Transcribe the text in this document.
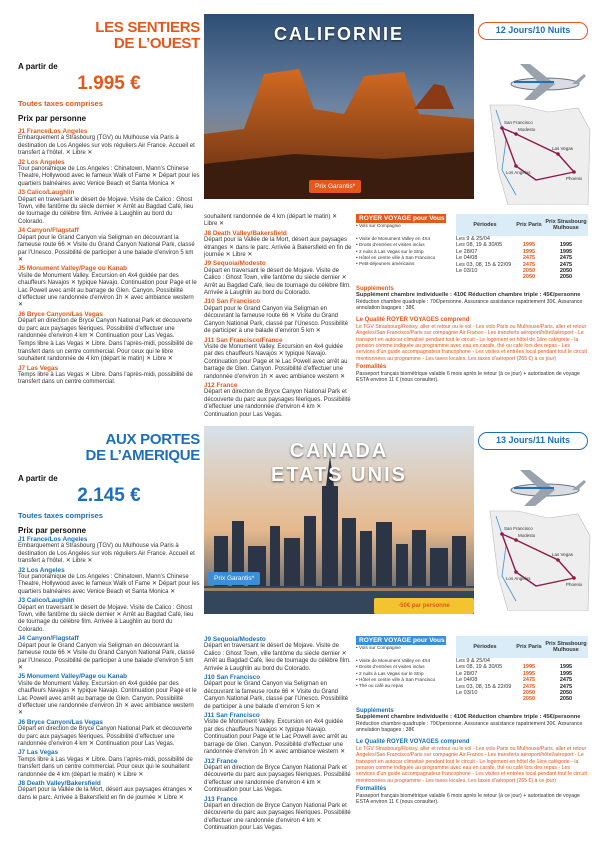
LES SENTIERS
DE L’OUEST
A partir de
1.995 €
Toutes taxes comprises
Prix par personne
J1 France/Los Angeles

Embarquement à Strasbourg (TGV) ou Mulhouse via Paris à destination de Los Angeles sur vols réguliers Air France. Accueil et transfert à l’hôtel. ✕ Libre ✕

J2 Los Angeles

Tour panoramique de Los Angeles : Chinatown, Mann’s Chinese Theatre, Hollywood avec le fameux Walk of Fame ✕ Départ pour les quartiers balnéaires avec Venice Beach et Santa Monica ✕

J3 Calico/Laughlin

Départ en traversant le désert de Mojave. Visite de Calico : Ghost Town, ville fantôme du siècle dernier ✕ Arrêt au Bagdad Café, lieu de tournage du célèbre film. Arrivée à Laughlin au bord du Colorado.

J4 Canyon/Flagstaff

Départ pour le Grand Canyon via Seligman en découvrant la fameuse route 66 ✕ Visite du Grand Canyon National Park, classé par l’Unesco. Possibilité de participer à une balade d’environ 5 km ✕

J5 Monument Valley/Page ou Kanab

Visite de Monument Valley. Excursion en 4x4 guidée par des chauffeurs Navajos ✕ typique Navajo. Continuation pour Page et le Lac Powell avec arrêt au barrage de Glen. Canyon. Possibilité d’effectuer une randonnée d’environ 1h ✕ avec ambiance western ✕

J6 Bryce Canyon/Las Vegas

Départ en direction de Bryce Canyon National Park et découverte du parc aux paysages féeriques. Possibilité d’effectuer une randonnée d’environ 4 km ✕ Continuation pour Las Vegas.

Temps libre à Las Vegas ✕ Libre. Dans l’après-midi, possibilité de transfert dans un centre commercial. Pour ceux qui le libre souhaitent randonnée de 4 km (départ le matin) ✕ Libre ✕

J7 Las Vegas

Temps libre à Las Vegas ✕ Libre. Dans l’après-midi, possibilité de transfert dans un centre commercial.

CALIFORNIE
Prix Garantis*
12 Jours/10 Nuits
San Francisco
Modesto
Las Vegas
Los Angeles
Phoenix

souhaitent randonnée de 4 km (départ le matin) ✕ Libre ✕

J8 Death Valley/Bakersfield

Départ pour la Vallée de la Mort, désert aux paysages étranges ✕ dans le parc. Arrivée à Bakersfield en fin de journée ✕ Libre ✕

J9 Sequoia/Modesto

Départ en traversant le désert de Mojave. Visite de Calico : Ghost Town, ville fantôme du siècle dernier ✕ Arrêt au Bagdad Café, lieu de tournage du célèbre film. Arrivée à Laughlin au bord du Colorado.

J10 San Francisco

Départ pour le Grand Canyon via Seligman en découvrant la fameuse route 66 ✕ Visite du Grand Canyon National Park, classé par l’Unesco. Possibilité de participer à une balade d’environ 5 km ✕

J11 San Francisco/France

Visite de Monument Valley. Excursion en 4x4 guidée par des chauffeurs Navajos ✕ typique Navajo. Continuation pour Page et le Lac Powell avec arrêt au barrage de Glen. Canyon. Possibilité d’effectuer une randonnée d’environ 1h ✕ avec ambiance western ✕

J12 France

Départ en direction de Bryce Canyon National Park et découverte du parc aux paysages féeriques. Possibilité d’effectuer une randonnée d’environ 4 km ✕ Continuation pour Las Vegas.

ROYER VOYAGE pour Vous
• Vols sur Compagnie
• Visite de Monument Valley en 4X4
• Droits d’entrées et visites inclus
• 2 nuits à Las Vegas sur le Strip
• Hôtel en centre ville à San Francisco
• Petit-déjeuners américains
Périodes	Prix Paris Prix Strasbourg Mulhouse
Les 9 & 25/04
Les 08, 19 & 30/05	1995	1995
Le 28/07	1995	1995
Le 04/08	2475	2475
Les 03, 08, 15 & 22/09	2475	2475
Le 03/10	2050	2050
2050	2050
Suppléments
Supplément chambre individuelle : 410€ Réduction chambre triple : 45€/personne
Réduction chambre quadruple : 70€/personne. Assurance assistance rapatriement 30€. Assurance annulation bagages : 38€
Le Qualité ROYER VOYAGES comprend
Le TGV Strasbourg/Roissy, aller et retour ou le vol - Les vols Paris ou Mulhouse/Paris, aller et retour Angeles/San Francisco/Paris sur compagnie Air France - Les transferts aéroport/hôtel/aéroport - Le transport en autocar climatisé pendant tout le circuit - Le logement en hôtel de 1ère catégorie - la pension comme indiquée au programme avec eau en carafe, thé ou café lors des repas - Les services d’un guide accompagnateur francophone - Les visites et entrées local pendant tout le circuit mentionnées au programme - Les taxes locales. Les taxes d’aéroport (265 €) à ce jour)
Formalités
Passeport français biométrique valable 6 mois après le retour (à ce jour) + autorisation de voyage ESTA environ 11 € (nous consulter).
AUX PORTES
DE L’AMERIQUE
A partir de
2.145 €
Toutes taxes comprises
Prix par personne
J1 France/Los Angeles

Embarquement à Strasbourg (TGV) ou Mulhouse via Paris à destination de Los Angeles sur vols réguliers Air France. Accueil et transfert à l’hôtel. ✕ Libre ✕

J2 Los Angeles

Tour panoramique de Los Angeles : Chinatown, Mann’s Chinese Theatre, Hollywood avec le fameux Walk of Fame ✕ Départ pour les quartiers balnéaires avec Venice Beach et Santa Monica ✕

J3 Calico/Laughlin

Départ en traversant le désert de Mojave. Visite de Calico : Ghost Town, ville fantôme du siècle dernier ✕ Arrêt au Bagdad Café, lieu de tournage du célèbre film. Arrivée à Laughlin au bord du Colorado.

J4 Canyon/Flagstaff

Départ pour le Grand Canyon via Seligman en découvrant la fameuse route 66 ✕ Visite du Grand Canyon National Park, classé par l’Unesco. Possibilité de participer à une balade d’environ 5 km ✕

J5 Monument Valley/Page ou Kanab

Visite de Monument Valley. Excursion en 4x4 guidée par des chauffeurs Navajos ✕ typique Navajo. Continuation pour Page et le Lac Powell avec arrêt au barrage de Glen. Canyon. Possibilité d’effectuer une randonnée d’environ 1h ✕ avec ambiance western ✕

J6 Bryce Canyon/Las Vegas

Départ en direction de Bryce Canyon National Park et découverte du parc aux paysages féeriques. Possibilité d’effectuer une randonnée d’environ 4 km ✕ Continuation pour Las Vegas.

J7 Las Vegas

Temps libre à Las Vegas ✕ Libre. Dans l’après-midi, possibilité de transfert dans un centre commercial. Pour ceux qui le souhaitent randonnée de 4 km (départ le matin) ✕ Libre ✕

J8 Death Valley/Bakersfield

Départ pour la Vallée de la Mort, désert aux paysages étranges ✕ dans le parc. Arrivée à Bakersfield en fin de journée ✕ Libre ✕

CANADA
ETATS UNIS
Prix Garantis*
-50€ par personne
13 Jours/11 Nuits
San Francisco
Modesto
Las Vegas
Los Angeles
Phoenix
J9 Sequoia/Modesto

Départ en traversant le désert de Mojave. Visite de Calico : Ghost Town, ville fantôme du siècle dernier ✕ Arrêt au Bagdad Café, lieu de tournage du célèbre film. Arrivée à Laughlin au bord du Colorado.

J10 San Francisco

Départ pour le Grand Canyon via Seligman en découvrant la fameuse route 66 ✕ Visite du Grand Canyon National Park, classé par l’Unesco. Possibilité de participer à une balade d’environ 5 km ✕

J11 San Francisco

Visite de Monument Valley. Excursion en 4x4 guidée par des chauffeurs Navajos ✕ typique Navajo. Continuation pour Page et le Lac Powell avec arrêt au barrage de Glen. Canyon. Possibilité d’effectuer une randonnée d’environ 1h ✕ avec ambiance western ✕

J12 France

Départ en direction de Bryce Canyon National Park et découverte du parc aux paysages féeriques. Possibilité d’effectuer une randonnée d’environ 4 km ✕ Continuation pour Las Vegas.

J13 France

Départ en direction de Bryce Canyon National Park et découverte du parc aux paysages féeriques. Possibilité d’effectuer une randonnée d’environ 4 km ✕ Continuation pour Las Vegas.

ROYER VOYAGE pour Vous
• Vols sur Compagnie
• Visite de Monument Valley en 4X4
• Droits d’entrées et visites inclus
• 2 nuits à Las Vegas sur le Strip
• Hôtel en centre ville à San Francisco
• Thé ou café au repas
Périodes	Prix Paris Prix Strasbourg Mulhouse
Les 9 & 25/04
Les 08, 19 & 30/05	1995	1995
Le 28/07	1995	1995
Le 04/08	2475	2475
Les 03, 08, 15 & 22/09	2475	2475
Le 03/10	2050	2050
2050	2050
Suppléments
Supplément chambre individuelle : 410€ Réduction chambre triple : 45€/personne
Réduction chambre quadruple : 70€/personne. Assurance assistance rapatriement 30€. Assurance annulation bagages : 38€
Le Qualité ROYER VOYAGES comprend
Le TGV Strasbourg/Roissy, aller et retour ou le vol - Les vols Paris ou Mulhouse/Paris, aller et retour Angeles/San Francisco/Paris sur compagnie Air France - Les transferts aéroport/hôtel/aéroport - Le transport en autocar climatisé pendant tout le circuit - Le logement en hôtel de 1ère catégorie - la pension comme indiquée au programme avec eau en carafe, thé ou café lors des repas - Les services d’un guide accompagnateur francophone - Les visites et entrées local pendant tout le circuit mentionnées au programme - Les taxes locales. Les taxes d’aéroport (265 €) à ce jour)
Formalités
Passeport français biométrique valable 6 mois après le retour (à ce jour) + autorisation de voyage ESTA environ 11 € (nous consulter).
